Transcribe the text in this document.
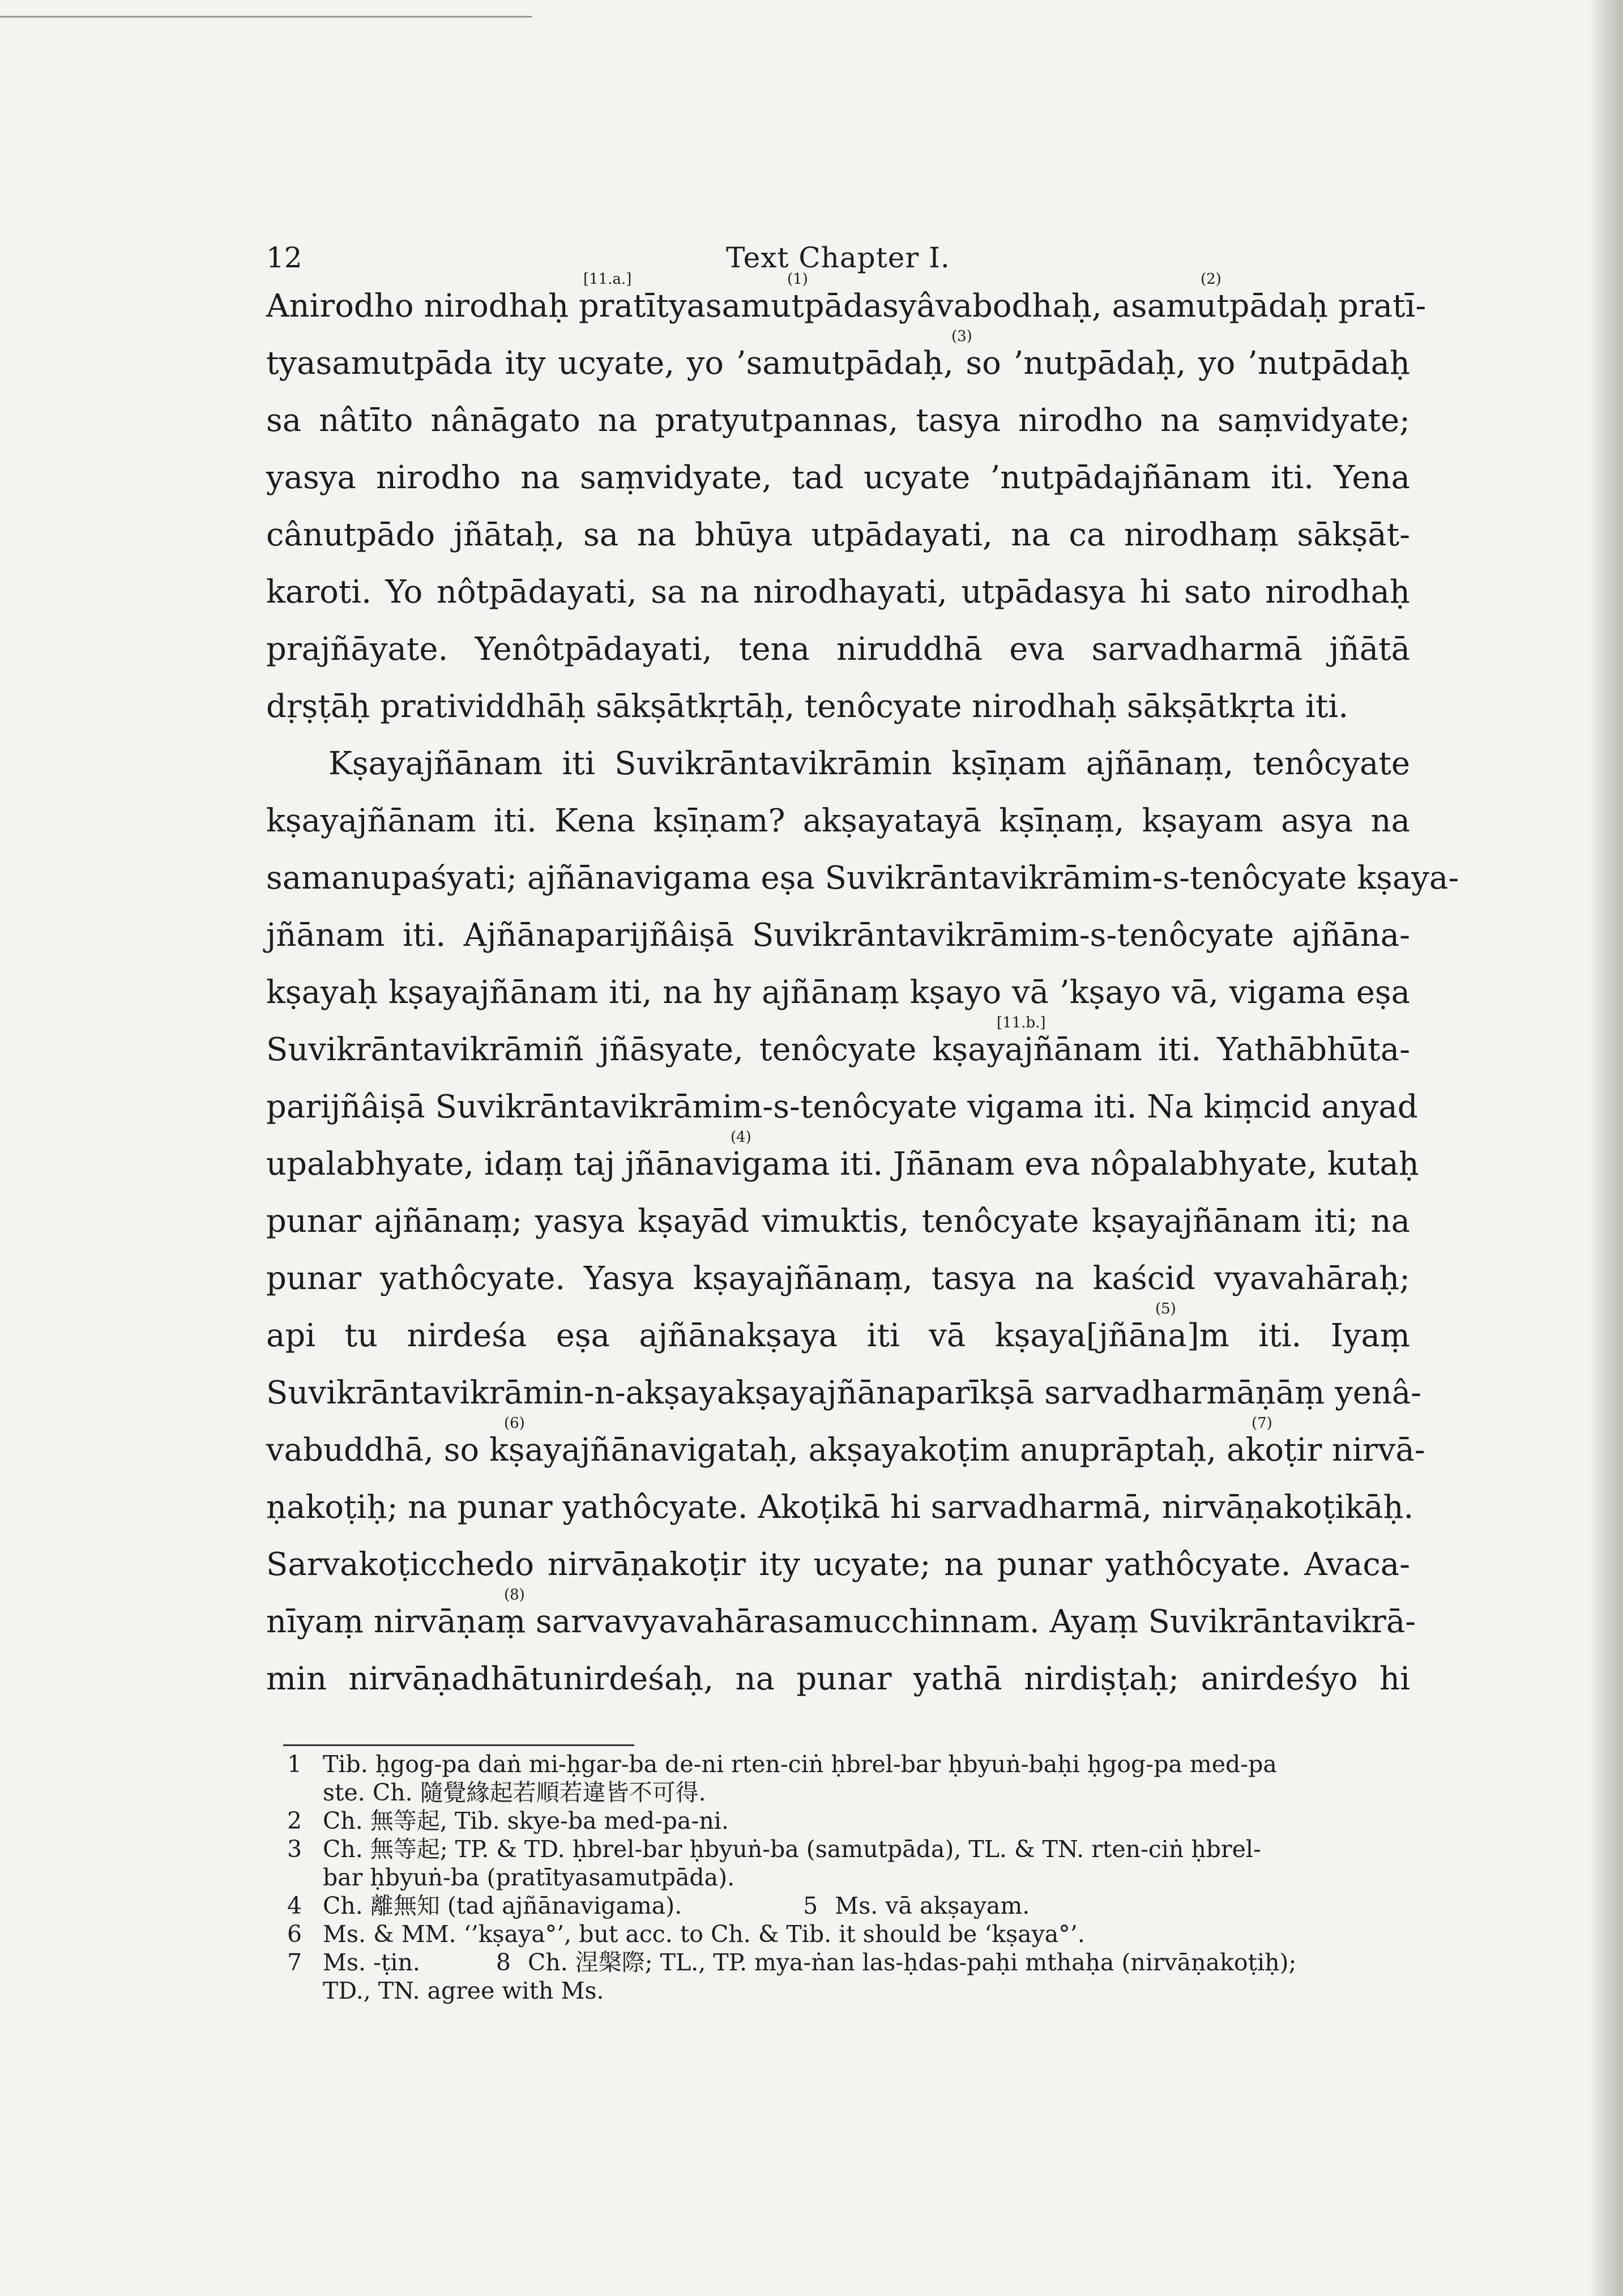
12	Text Chapter I.
[11.a.]	(1)	(2)
Anirodho nirodhaḥ pratītyasamutpādasyâvabodhaḥ, asamutpādaḥ pratī-
(3)
tyasamutpāda ity ucyate, yo ’samutpādaḥ, so ’nutpādaḥ, yo ’nutpādaḥ
sa nâtīto nânāgato na pratyutpannas, tasya nirodho na saṃvidyate;
yasya nirodho na saṃvidyate, tad ucyate ’nutpādajñānam iti. Yena
cânutpādo jñātaḥ, sa na bhūya utpādayati, na ca nirodhaṃ sākṣāt-
karoti. Yo nôtpādayati, sa na nirodhayati, utpādasya hi sato nirodhaḥ
prajñāyate. Yenôtpādayati, tena niruddhā eva sarvadharmā jñātā
dṛṣṭāḥ pratividdhāḥ sākṣātkṛtāḥ, tenôcyate nirodhaḥ sākṣātkṛta iti.
Kṣayajñānam iti Suvikrāntavikrāmin kṣīṇam ajñānaṃ, tenôcyate
kṣayajñānam iti. Kena kṣīṇam? akṣayatayā kṣīṇaṃ, kṣayam asya na
samanupaśyati; ajñānavigama eṣa Suvikrāntavikrāmim-s-tenôcyate kṣaya-
jñānam iti. Ajñānaparijñâiṣā Suvikrāntavikrāmim-s-tenôcyate ajñāna-
kṣayaḥ kṣayajñānam iti, na hy ajñānaṃ kṣayo vā ’kṣayo vā, vigama eṣa
[11.b.]
Suvikrāntavikrāmiñ jñāsyate, tenôcyate kṣayajñānam iti. Yathābhūta-
parijñâiṣā Suvikrāntavikrāmim-s-tenôcyate vigama iti. Na kiṃcid anyad
(4)
upalabhyate, idaṃ taj jñānavigama iti. Jñānam eva nôpalabhyate, kutaḥ
punar ajñānaṃ; yasya kṣayād vimuktis, tenôcyate kṣayajñānam iti; na
punar yathôcyate. Yasya kṣayajñānaṃ, tasya na kaścid vyavahāraḥ;
(5)
api tu nirdeśa eṣa ajñānakṣaya iti vā kṣaya[jñāna]m iti. Iyaṃ
Suvikrāntavikrāmin-n-akṣayakṣayajñānaparīkṣā sarvadharmāṇāṃ yenâ-
(6)	(7)
vabuddhā, so kṣayajñānavigataḥ, akṣayakoṭim anuprāptaḥ, akoṭir nirvā-
ṇakoṭiḥ; na punar yathôcyate. Akoṭikā hi sarvadharmā, nirvāṇakoṭikāḥ.
Sarvakoṭicchedo nirvāṇakoṭir ity ucyate; na punar yathôcyate. Avaca-
(8)
nīyaṃ nirvāṇaṃ sarvavyavahārasamucchinnam. Ayaṃ Suvikrāntavikrā-
min nirvāṇadhātunirdeśaḥ, na punar yathā nirdiṣṭaḥ; anirdeśyo hi
1 Tib. ḥgog-pa daṅ mi-ḥgar-ba de-ni rten-ciṅ ḥbrel-bar ḥbyuṅ-baḥi ḥgog-pa med-pa
ste. Ch. 隨覺緣起若順若違皆不可得.
2 Ch. 無等起, Tib. skye-ba med-pa-ni.
3 Ch. 無等起; TP. & TD. ḥbrel-bar ḥbyuṅ-ba (samutpāda), TL. & TN. rten-ciṅ ḥbrel-
bar ḥbyuṅ-ba (pratītyasamutpāda).
4 Ch. 離無知 (tad ajñānavigama).	5 Ms. vā akṣayam.
6 Ms. & MM. ‘’kṣaya°’, but acc. to Ch. & Tib. it should be ‘kṣaya°’.
7 Ms. -ṭin.	8 Ch. 涅槃際; TL., TP. mya-ṅan las-ḥdas-paḥi mthaḥa (nirvāṇakoṭiḥ);
TD., TN. agree with Ms.
